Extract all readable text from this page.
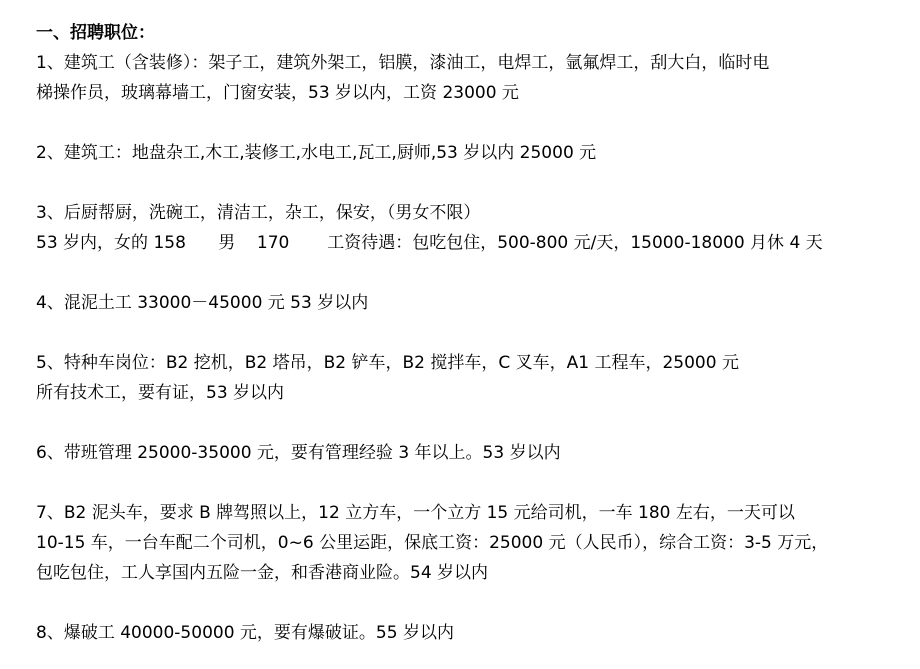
一、招聘职位：
1、建筑工（含装修）：架子工，建筑外架工，铝膜，漆油工，电焊工，氩氟焊工，刮大白，临时电
梯操作员，玻璃幕墙工，门窗安装，53 岁以内，工资 23000 元
2、建筑工：地盘杂工,木工,装修工,水电工,瓦工,厨师,53 岁以内 25000 元
3、后厨帮厨，洗碗工，清洁工，杂工，保安，（男女不限）
53 岁内，女的 158      男    170       工资待遇：包吃包住，500-800 元/天，15000-18000 月休 4 天
4、混泥土工 33000－45000 元 53 岁以内
5、特种车岗位：B2 挖机，B2 塔吊，B2 铲车，B2 搅拌车，C 叉车，A1 工程车，25000 元
所有技术工，要有证，53 岁以内
6、带班管理 25000-35000 元，要有管理经验 3 年以上。53 岁以内
7、B2 泥头车，要求 B 牌驾照以上，12 立方车，一个立方 15 元给司机，一车 180 左右，一天可以
10-15 车，一台车配二个司机，0~6 公里运距，保底工资：25000 元（人民币），综合工资：3-5 万元，
包吃包住，工人享国内五险一金，和香港商业险。54 岁以内
8、爆破工 40000-50000 元，要有爆破证。55 岁以内
